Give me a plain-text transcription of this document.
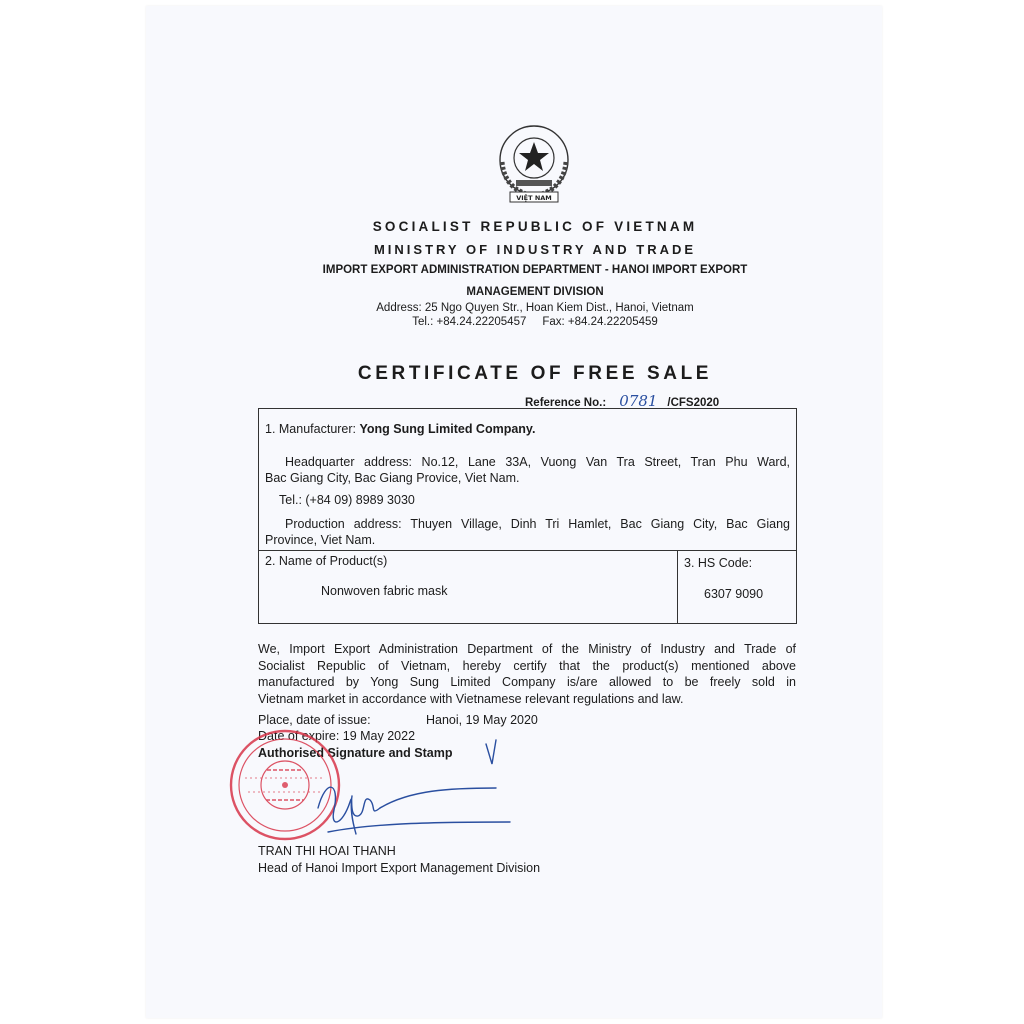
VIỆT NAM
SOCIALIST REPUBLIC OF VIETNAM
MINISTRY OF INDUSTRY AND TRADE
IMPORT EXPORT ADMINISTRATION DEPARTMENT - HANOI IMPORT EXPORT
MANAGEMENT DIVISION
Address: 25 Ngo Quyen Str., Hoan Kiem Dist., Hanoi, Vietnam
Tel.: +84.24.22205457 Fax: +84.24.22205459
CERTIFICATE OF FREE SALE
Reference No.: 0781 /CFS2020
1. Manufacturer: Yong Sung Limited Company.
Headquarter address: No.12, Lane 33A, Vuong Van Tra Street, Tran Phu Ward,
Bac Giang City, Bac Giang Provice, Viet Nam.
Tel.: (+84 09) 8989 3030
Production address: Thuyen Village, Dinh Tri Hamlet, Bac Giang City, Bac Giang
Province, Viet Nam.
2. Name of Product(s)
Nonwoven fabric mask
3. HS Code:
6307 9090
We, Import Export Administration Department of the Ministry of Industry and Trade of
Socialist Republic of Vietnam, hereby certify that the product(s) mentioned above
manufactured by Yong Sung Limited Company is/are allowed to be freely sold in
Vietnam market in accordance with Vietnamese relevant regulations and law.
Place, date of issue:	Hanoi, 19 May 2020
Date of expire: 19 May 2022
Authorised Signature and Stamp
TRAN THI HOAI THANH
Head of Hanoi Import Export Management Division
